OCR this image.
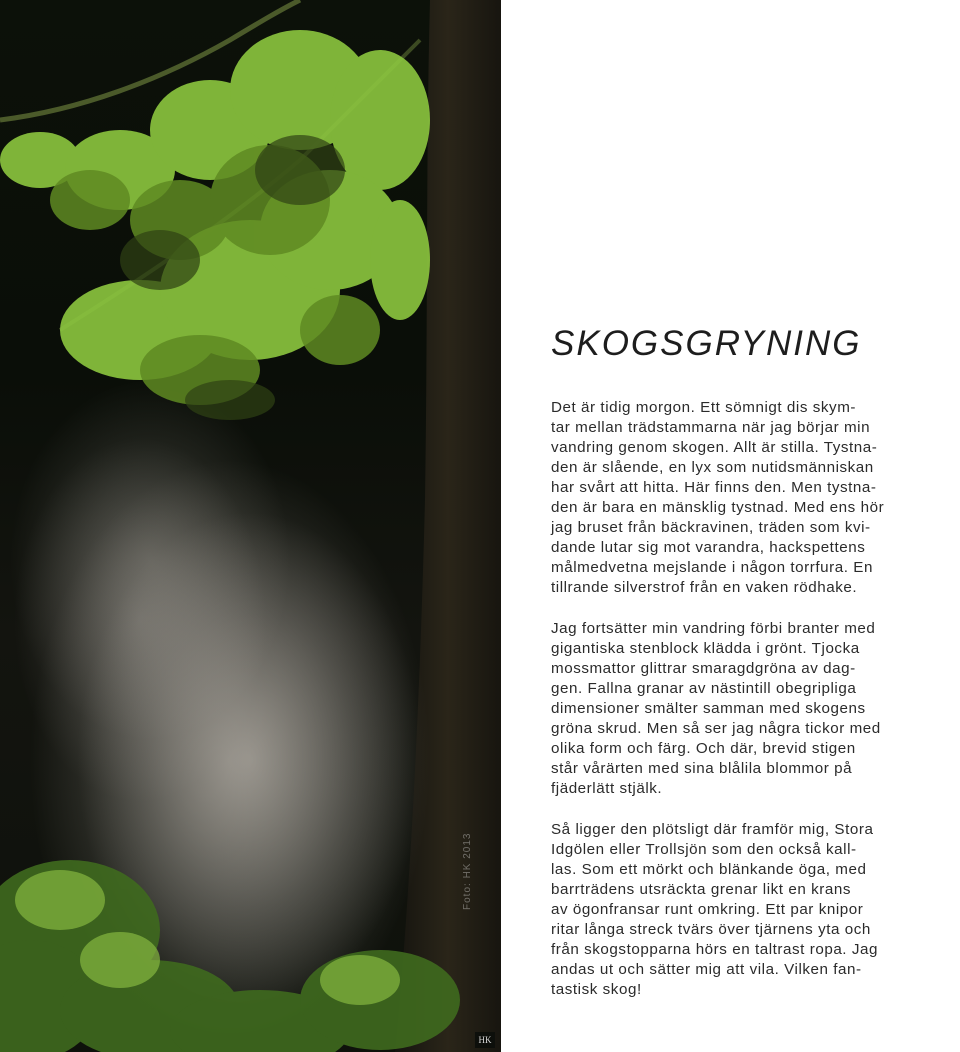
Foto: HK 2013
HK
SKOGSGRYNING

Det är tidig morgon. Ett sömnigt dis skym-
tar mellan trädstammarna när jag börjar min
vandring genom skogen. Allt är stilla. Tystna-
den är slående, en lyx som nutidsmänniskan
har svårt att hitta. Här finns den. Men tystna-
den är bara en mänsklig tystnad. Med ens hör
jag bruset från bäckravinen, träden som kvi-
dande lutar sig mot varandra, hackspettens
målmedvetna mejslande i någon torrfura. En
tillrande silverstrof från en vaken rödhake.

Jag fortsätter min vandring förbi branter med
gigantiska stenblock klädda i grönt. Tjocka
mossmattor glittrar smaragdgröna av dag-
gen. Fallna granar av nästintill obegripliga
dimensioner smälter samman med skogens
gröna skrud. Men så ser jag några tickor med
olika form och färg. Och där, brevid stigen
står vårärten med sina blålila blommor på
fjäderlätt stjälk.

Så ligger den plötsligt där framför mig, Stora
Idgölen eller Trollsjön som den också kall-
las. Som ett mörkt och blänkande öga, med
barrträdens utsräckta grenar likt en krans
av ögonfransar runt omkring. Ett par knipor
ritar långa streck tvärs över tjärnens yta och
från skogstopparna hörs en taltrast ropa. Jag
andas ut och sätter mig att vila. Vilken fan-
tastisk skog!
